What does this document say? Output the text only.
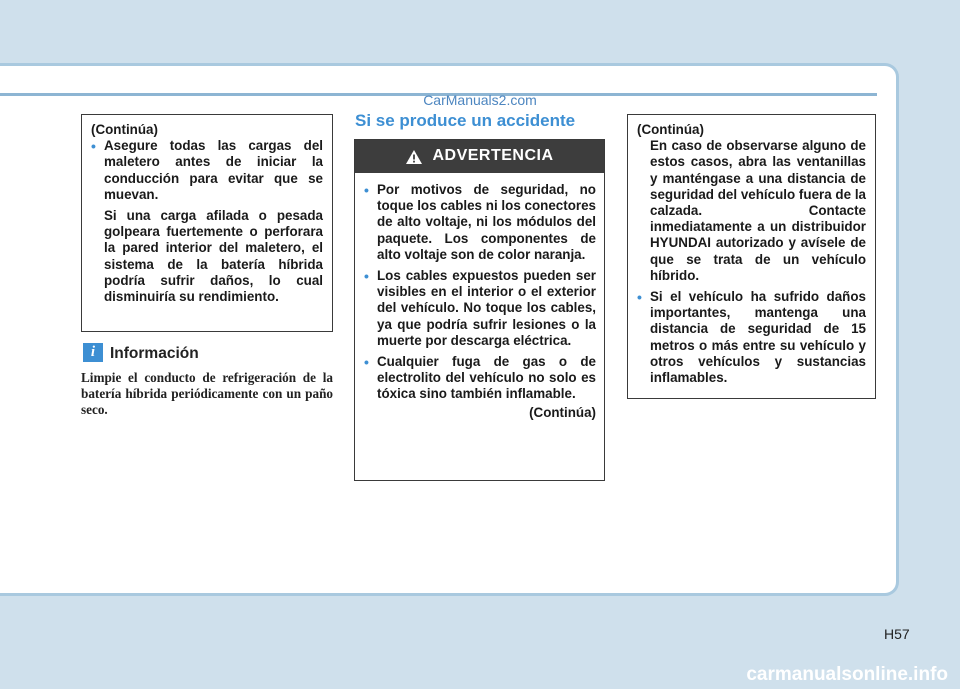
CarManuals2.com
(Continúa)
• Asegure todas las cargas del maletero antes de iniciar la conducción para evitar que se muevan.
Si una carga afilada o pesada golpeara fuertemente o perforara la pared interior del maletero, el sistema de la batería híbrida podría sufrir daños, lo cual disminuiría su rendimiento.
i Información
Limpie el conducto de refrigeración de la batería híbrida periódicamente con un paño seco.
Si se produce un accidente
ADVERTENCIA
• Por motivos de seguridad, no toque los cables ni los conectores de alto voltaje, ni los módulos del paquete. Los componentes de alto voltaje son de color naranja.
• Los cables expuestos pueden ser visibles en el interior o el exterior del vehículo. No toque los cables, ya que podría sufrir lesiones o la muerte por descarga eléctrica.
• Cualquier fuga de gas o de electrolito del vehículo no solo es tóxica sino también inflamable.
(Continúa)
(Continúa)
En caso de observarse alguno de estos casos, abra las ventanillas y manténgase a una distancia de seguridad del vehículo fuera de la calzada. Contacte inmediatamente a un distribuidor HYUNDAI autorizado y avísele de que se trata de un vehículo híbrido.
• Si el vehículo ha sufrido daños importantes, mantenga una distancia de seguridad de 15 metros o más entre su vehículo y otros vehículos y sustancias inflamables.
H57
carmanualsonline.info
